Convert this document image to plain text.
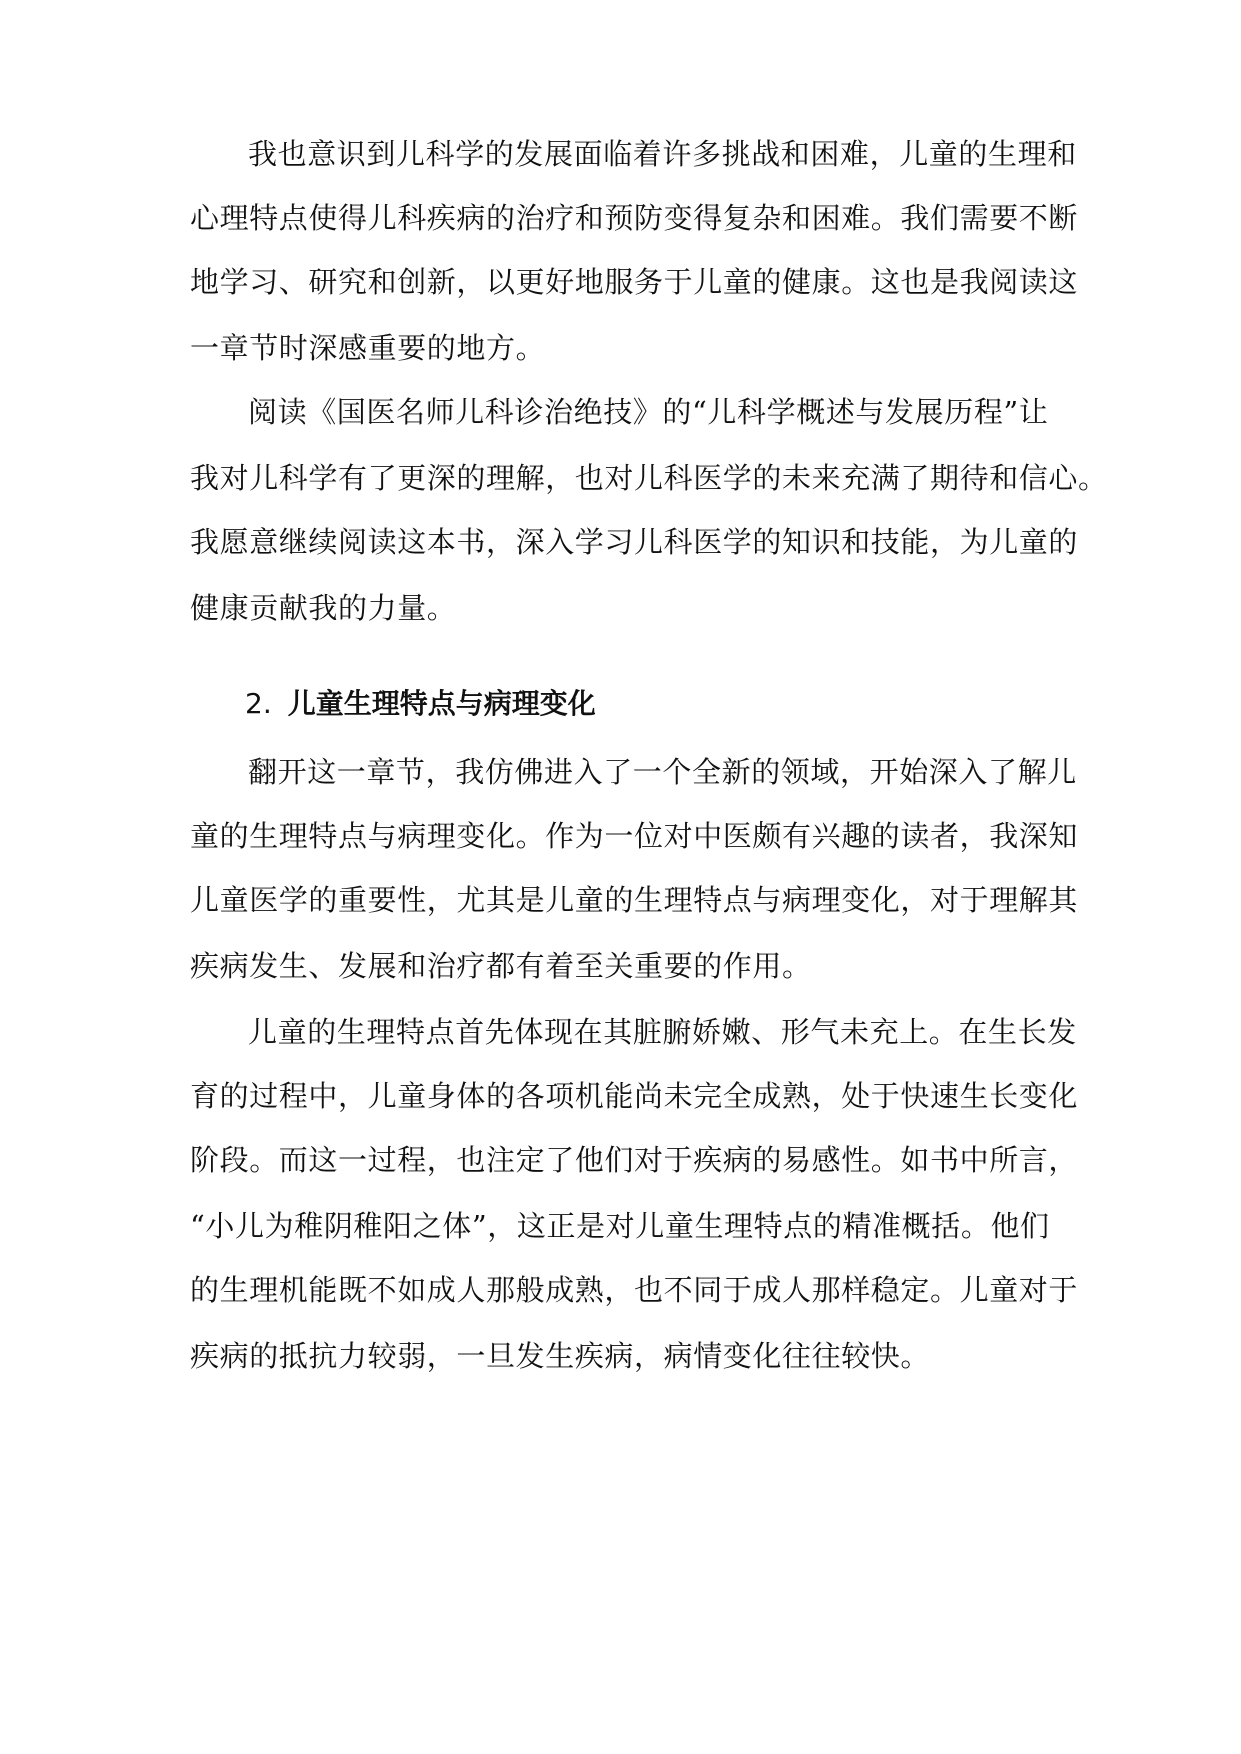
我也意识到儿科学的发展面临着许多挑战和困难，儿童的生理和
心理特点使得儿科疾病的治疗和预防变得复杂和困难。我们需要不断
地学习、研究和创新，以更好地服务于儿童的健康。这也是我阅读这
一章节时深感重要的地方。
阅读《国医名师儿科诊治绝技》的“儿科学概述与发展历程”让
我对儿科学有了更深的理解，也对儿科医学的未来充满了期待和信心。
我愿意继续阅读这本书，深入学习儿科医学的知识和技能，为儿童的
健康贡献我的力量。
2. 儿童生理特点与病理变化
翻开这一章节，我仿佛进入了一个全新的领域，开始深入了解儿
童的生理特点与病理变化。作为一位对中医颇有兴趣的读者，我深知
儿童医学的重要性，尤其是儿童的生理特点与病理变化，对于理解其
疾病发生、发展和治疗都有着至关重要的作用。
儿童的生理特点首先体现在其脏腑娇嫩、形气未充上。在生长发
育的过程中，儿童身体的各项机能尚未完全成熟，处于快速生长变化
阶段。而这一过程，也注定了他们对于疾病的易感性。如书中所言，
“小儿为稚阴稚阳之体”，这正是对儿童生理特点的精准概括。他们
的生理机能既不如成人那般成熟，也不同于成人那样稳定。儿童对于
疾病的抵抗力较弱，一旦发生疾病，病情变化往往较快。
